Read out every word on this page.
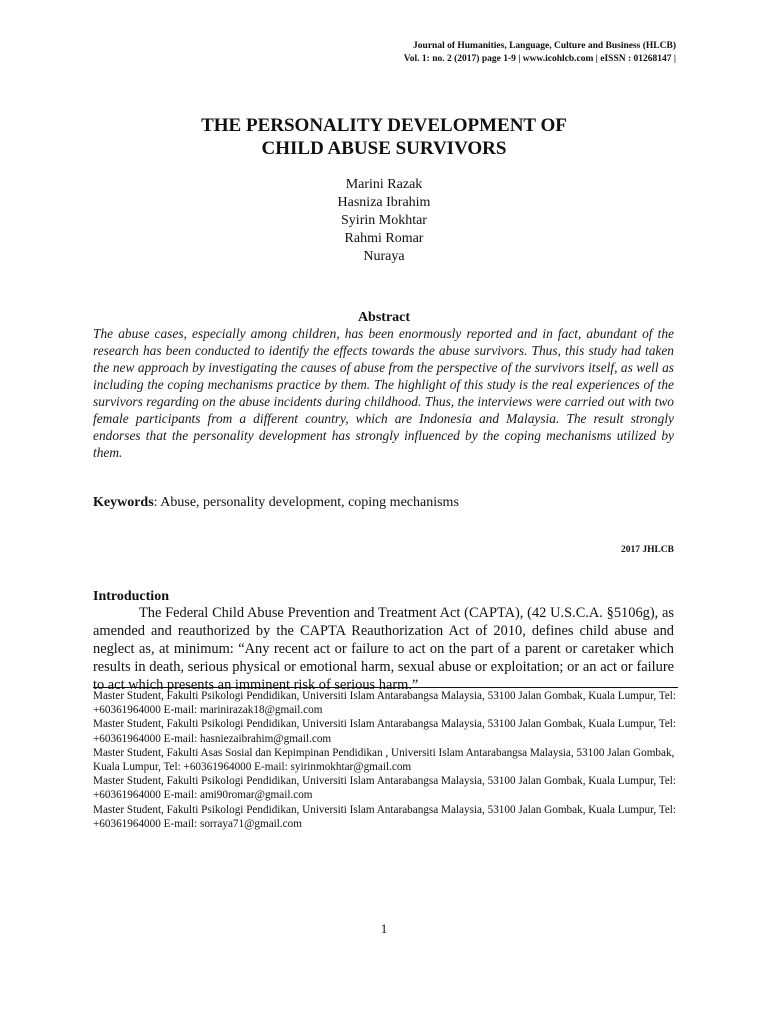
Journal of Humanities, Language, Culture and Business (HLCB)
Vol. 1: no. 2 (2017) page 1-9 | www.icohlcb.com | eISSN : 01268147 |
THE PERSONALITY DEVELOPMENT OF
CHILD ABUSE SURVIVORS
Marini Razak
Hasniza Ibrahim
Syirin Mokhtar
Rahmi Romar
Nuraya
Abstract
The abuse cases, especially among children, has been enormously reported and in fact, abundant of the research has been conducted to identify the effects towards the abuse survivors. Thus, this study had taken the new approach by investigating the causes of abuse from the perspective of the survivors itself, as well as including the coping mechanisms practice by them. The highlight of this study is the real experiences of the survivors regarding on the abuse incidents during childhood. Thus, the interviews were carried out with two female participants from a different country, which are Indonesia and Malaysia. The result strongly endorses that the personality development has strongly influenced by the coping mechanisms utilized by them.
Keywords: Abuse, personality development, coping mechanisms
2017 JHLCB
Introduction
The Federal Child Abuse Prevention and Treatment Act (CAPTA), (42 U.S.C.A. §5106g), as amended and reauthorized by the CAPTA Reauthorization Act of 2010, defines child abuse and neglect as, at minimum: “Any recent act or failure to act on the part of a parent or caretaker which results in death, serious physical or emotional harm, sexual abuse or exploitation; or an act or failure to act which presents an imminent risk of serious harm.”
Master Student, Fakulti Psikologi Pendidikan, Universiti Islam Antarabangsa Malaysia, 53100 Jalan Gombak, Kuala Lumpur, Tel: +60361964000 E-mail: marinirazak18@gmail.com
Master Student, Fakulti Psikologi Pendidikan, Universiti Islam Antarabangsa Malaysia, 53100 Jalan Gombak, Kuala Lumpur, Tel: +60361964000 E-mail: hasniezaibrahim@gmail.com
Master Student, Fakulti Asas Sosial dan Kepimpinan Pendidikan , Universiti Islam Antarabangsa Malaysia, 53100 Jalan Gombak, Kuala Lumpur, Tel: +60361964000 E-mail: syirinmokhtar@gmail.com
Master Student, Fakulti Psikologi Pendidikan, Universiti Islam Antarabangsa Malaysia, 53100 Jalan Gombak, Kuala Lumpur, Tel: +60361964000 E-mail: ami90romar@gmail.com
Master Student, Fakulti Psikologi Pendidikan, Universiti Islam Antarabangsa Malaysia, 53100 Jalan Gombak, Kuala Lumpur, Tel: +60361964000 E-mail: sorraya71@gmail.com
1
